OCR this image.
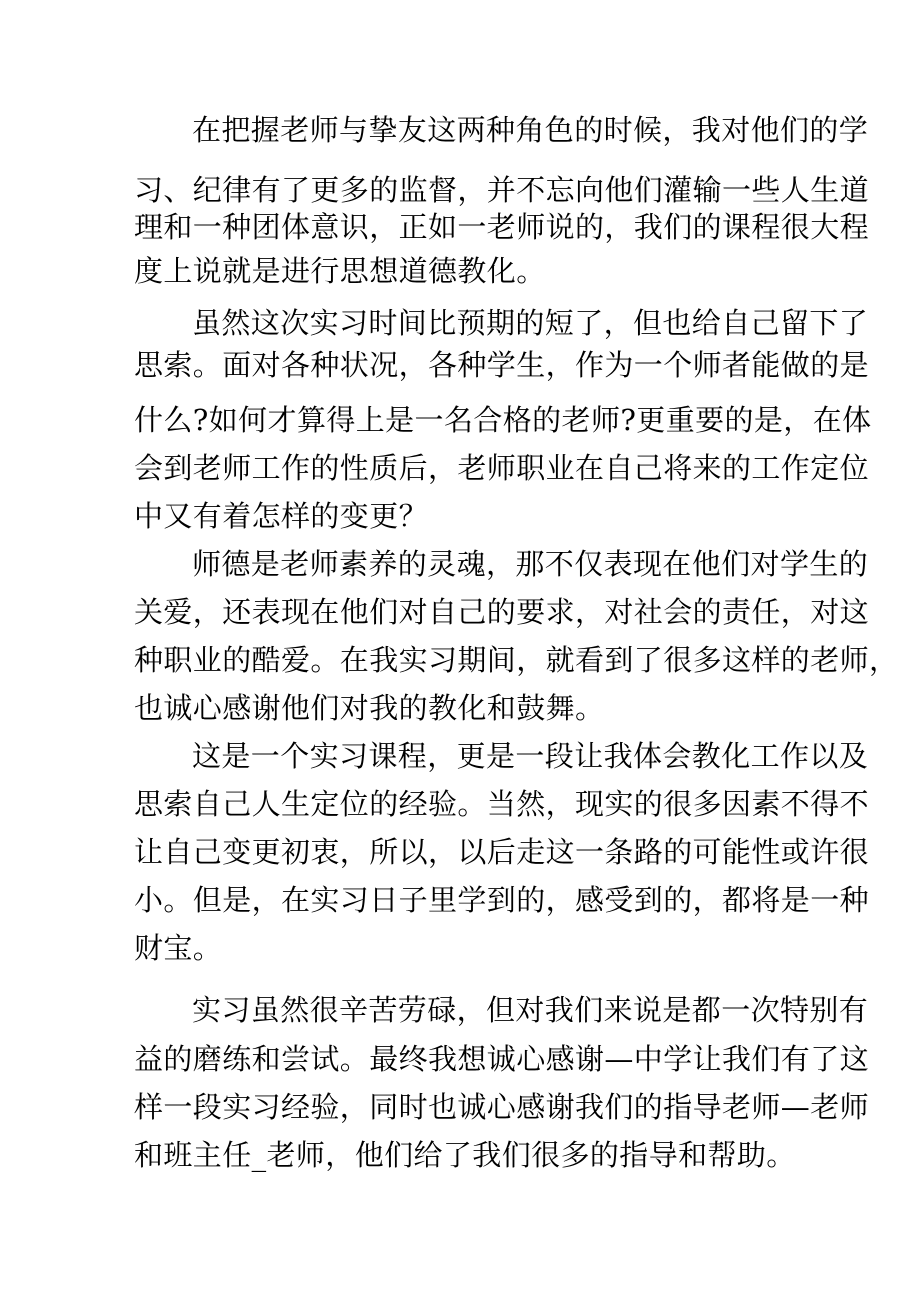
在把握老师与挚友这两种角色的时候，我对他们的学

习、纪律有了更多的监督，并不忘向他们灌输一些人生道

理和一种团体意识，正如一老师说的，我们的课程很大程

度上说就是进行思想道德教化。

虽然这次实习时间比预期的短了，但也给自己留下了

思索。面对各种状况，各种学生，作为一个师者能做的是

什么?如何才算得上是一名合格的老师?更重要的是，在体

会到老师工作的性质后，老师职业在自己将来的工作定位

中又有着怎样的变更？

师德是老师素养的灵魂，那不仅表现在他们对学生的

关爱，还表现在他们对自己的要求，对社会的责任，对这

种职业的酷爱。在我实习期间，就看到了很多这样的老师，

也诚心感谢他们对我的教化和鼓舞。

这是一个实习课程，更是一段让我体会教化工作以及

思索自己人生定位的经验。当然，现实的很多因素不得不

让自己变更初衷，所以，以后走这一条路的可能性或许很

小。但是，在实习日子里学到的，感受到的，都将是一种

财宝。

实习虽然很辛苦劳碌，但对我们来说是都一次特别有

益的磨练和尝试。最终我想诚心感谢—中学让我们有了这

样一段实习经验，同时也诚心感谢我们的指导老师—老师

和班主任_老师，他们给了我们很多的指导和帮助。
